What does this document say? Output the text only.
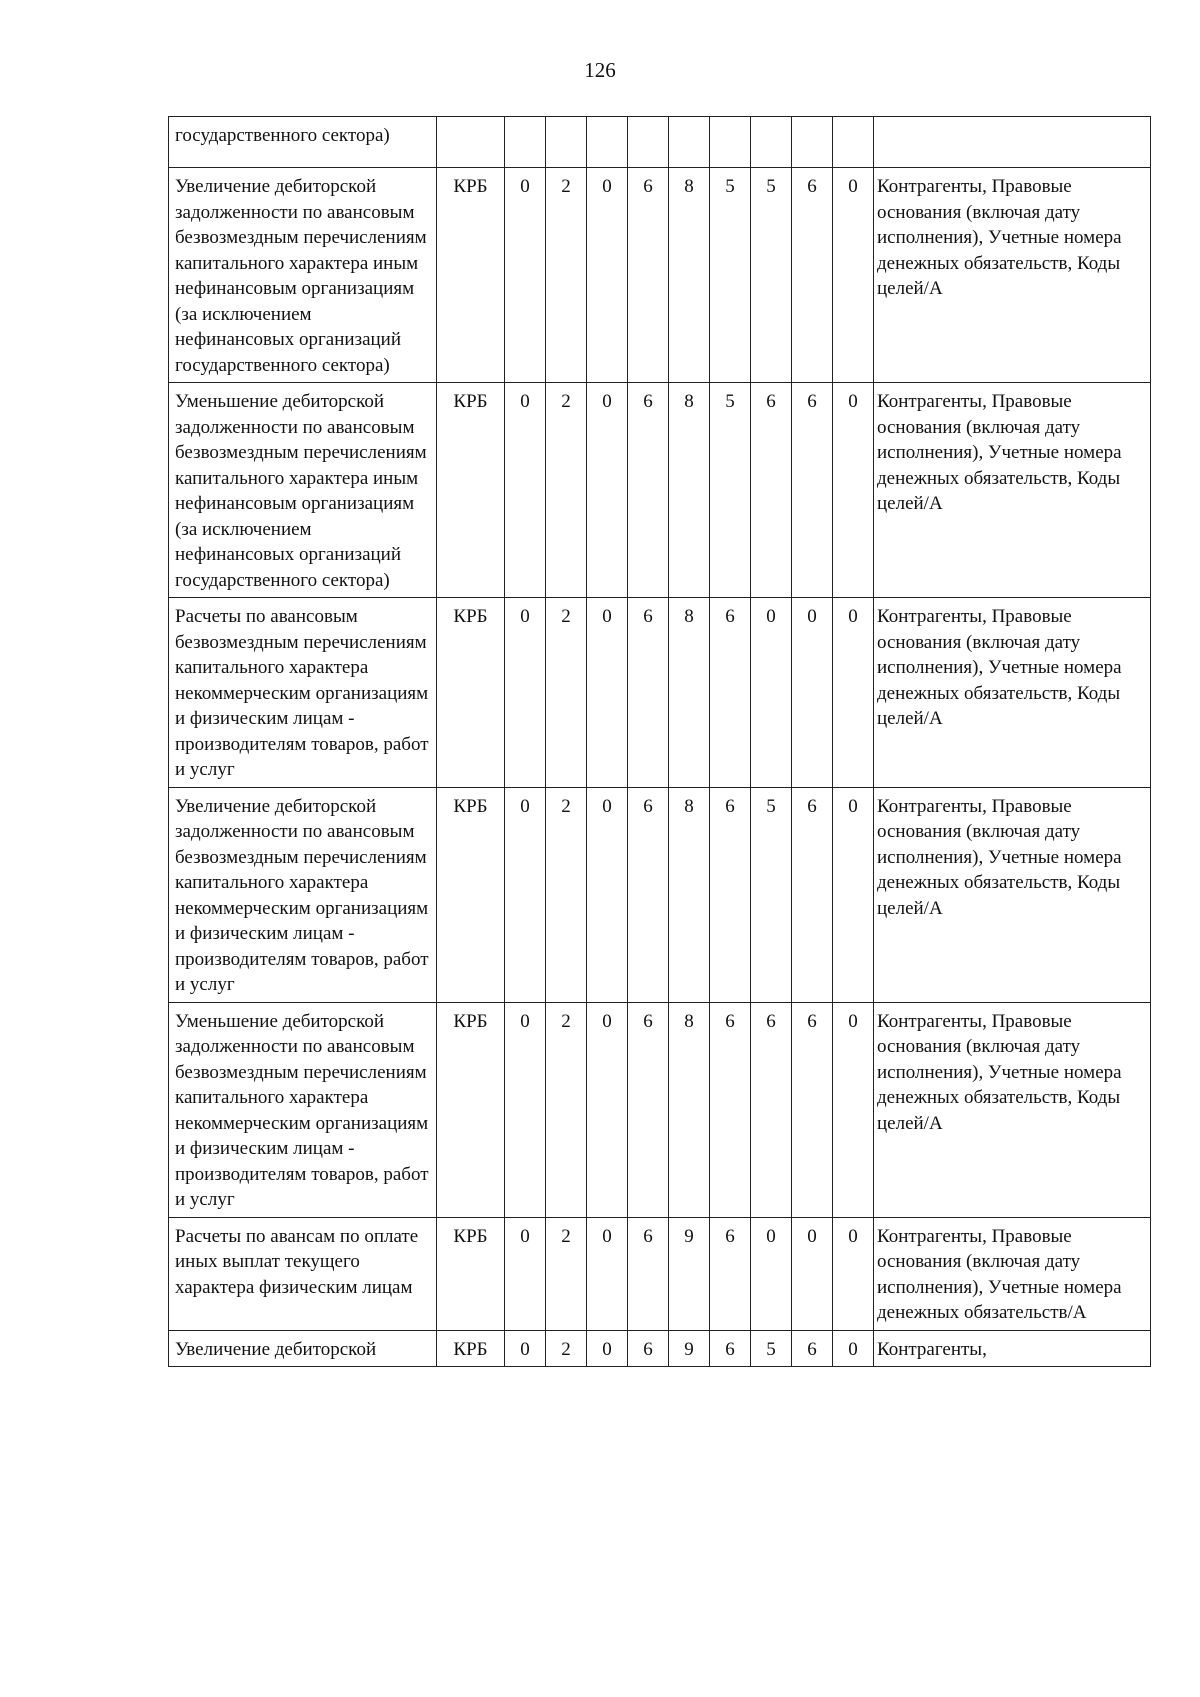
126
государственного сектора)											
Увеличение дебиторской задолженности по авансовым безвозмездным перечислениям капитального характера иным нефинансовым организациям (за исключением нефинансовых организаций государственного сектора)	КРБ	0	2	0	6	8	5	5	6	0	Контрагенты, Правовые основания (включая дату исполнения), Учетные номера денежных обязательств, Коды целей/А
Уменьшение дебиторской задолженности по авансовым безвозмездным перечислениям капитального характера иным нефинансовым организациям (за исключением нефинансовых организаций государственного сектора)	КРБ	0	2	0	6	8	5	6	6	0	Контрагенты, Правовые основания (включая дату исполнения), Учетные номера денежных обязательств, Коды целей/А
Расчеты по авансовым безвозмездным перечислениям капитального характера некоммерческим организациям и физическим лицам - производителям товаров, работ и услуг	КРБ	0	2	0	6	8	6	0	0	0	Контрагенты, Правовые основания (включая дату исполнения), Учетные номера денежных обязательств, Коды целей/А
Увеличение дебиторской задолженности по авансовым безвозмездным перечислениям капитального характера некоммерческим организациям и физическим лицам - производителям товаров, работ и услуг	КРБ	0	2	0	6	8	6	5	6	0	Контрагенты, Правовые основания (включая дату исполнения), Учетные номера денежных обязательств, Коды целей/А
Уменьшение дебиторской задолженности по авансовым безвозмездным перечислениям капитального характера некоммерческим организациям и физическим лицам - производителям товаров, работ и услуг	КРБ	0	2	0	6	8	6	6	6	0	Контрагенты, Правовые основания (включая дату исполнения), Учетные номера денежных обязательств, Коды целей/А
Расчеты по авансам по оплате иных выплат текущего характера физическим лицам	КРБ	0	2	0	6	9	6	0	0	0	Контрагенты, Правовые основания (включая дату исполнения), Учетные номера денежных обязательств/А
Увеличение дебиторской	КРБ	0	2	0	6	9	6	5	6	0	Контрагенты,
